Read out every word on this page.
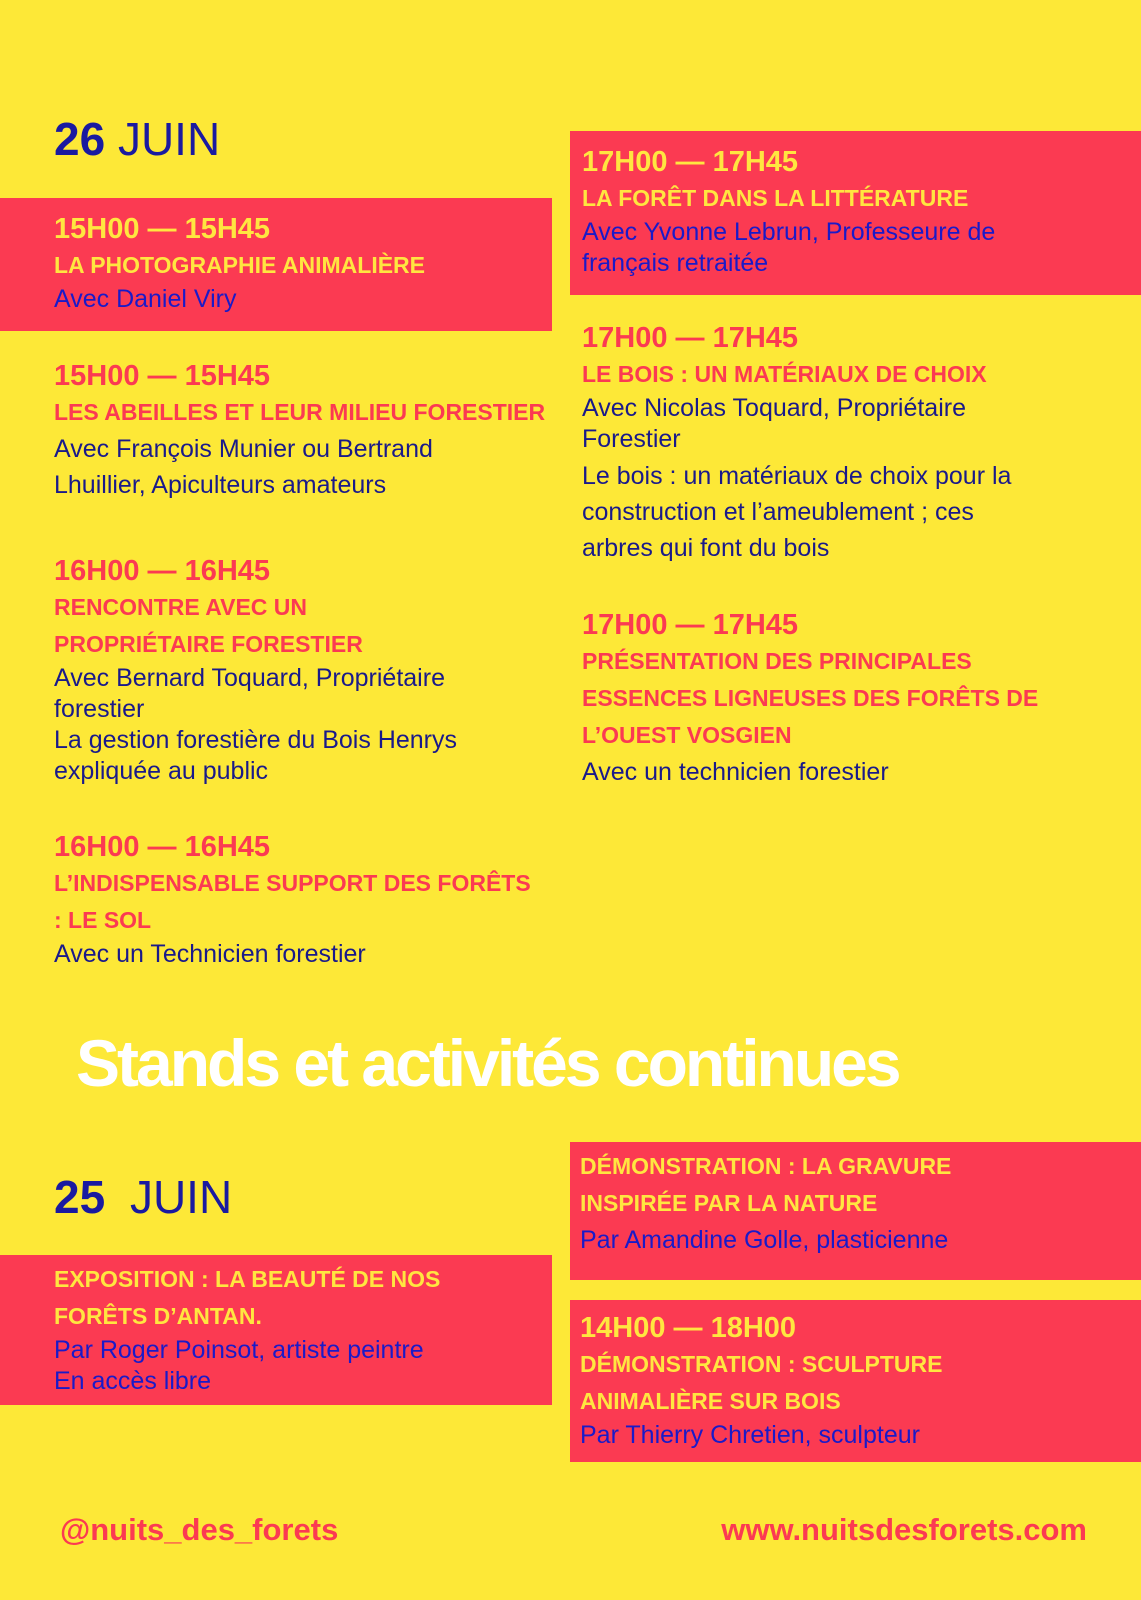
26 JUIN
15H00 — 15H45
LA PHOTOGRAPHIE ANIMALIÈRE
Avec Daniel Viry
15H00 — 15H45
LES ABEILLES ET LEUR MILIEU FORESTIER
Avec François Munier ou Bertrand
Lhuillier, Apiculteurs amateurs
16H00 — 16H45
RENCONTRE AVEC UN
PROPRIÉTAIRE FORESTIER
Avec Bernard Toquard, Propriétaire
forestier
La gestion forestière du Bois Henrys
expliquée au public
16H00 — 16H45
L’INDISPENSABLE SUPPORT DES FORÊTS
: LE SOL
Avec un Technicien forestier
17H00 — 17H45
LA FORÊT DANS LA LITTÉRATURE
Avec Yvonne Lebrun, Professeure de
français retraitée
17H00 — 17H45
LE BOIS : UN MATÉRIAUX DE CHOIX
Avec Nicolas Toquard, Propriétaire
Forestier
Le bois : un matériaux de choix pour la
construction et l’ameublement ; ces
arbres qui font du bois
17H00 — 17H45
PRÉSENTATION DES PRINCIPALES
ESSENCES LIGNEUSES DES FORÊTS DE
L’OUEST VOSGIEN
Avec un technicien forestier
Stands et activités continues
25 JUIN
EXPOSITION : LA BEAUTÉ DE NOS
FORÊTS D’ANTAN.
Par Roger Poinsot, artiste peintre
En accès libre
DÉMONSTRATION : LA GRAVURE
INSPIRÉE PAR LA NATURE
Par Amandine Golle, plasticienne
14H00 — 18H00
DÉMONSTRATION : SCULPTURE
ANIMALIÈRE SUR BOIS
Par Thierry Chretien, sculpteur
@nuits_des_forets	www.nuitsdesforets.com
